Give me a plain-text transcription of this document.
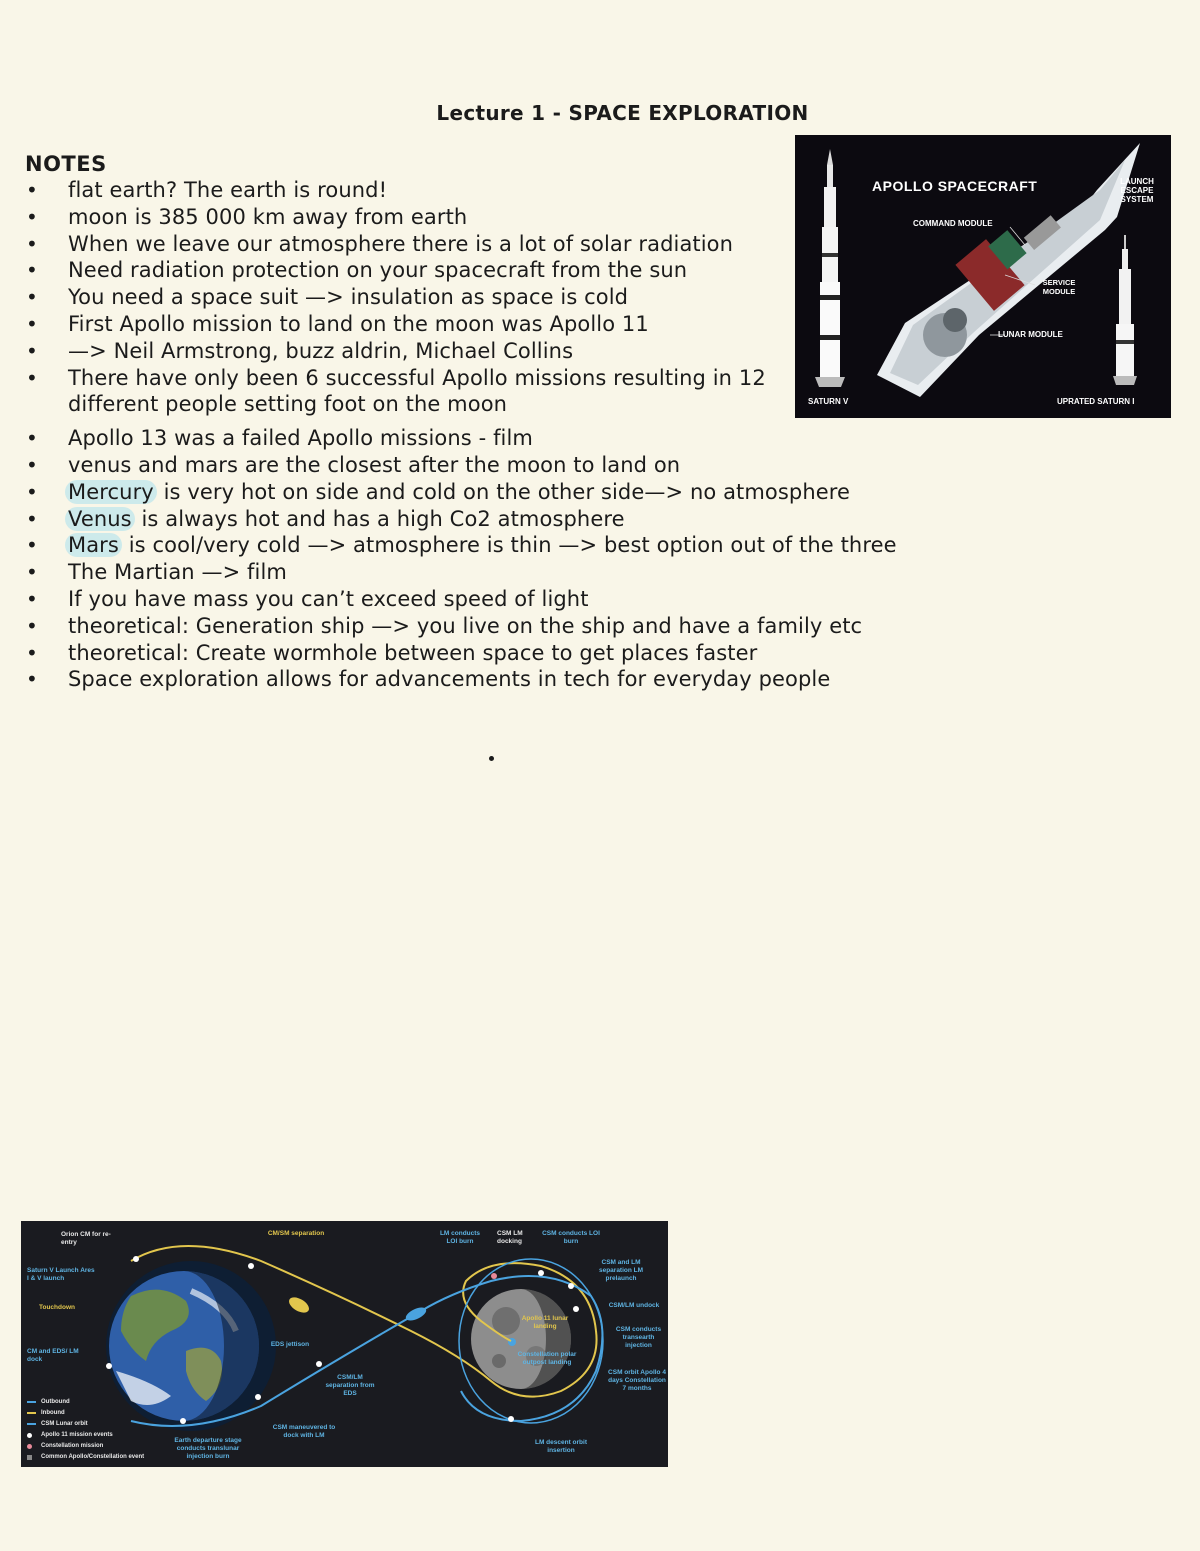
Lecture 1 - SPACE EXPLORATION
NOTES
• flat earth? The earth is round!
• moon is 385 000 km away from earth
• When we leave our atmosphere there is a lot of solar radiation
• Need radiation protection on your spacecraft from the sun
• You need a space suit —> insulation as space is cold
• First Apollo mission to land on the moon was Apollo 11
• —> Neil Armstrong, buzz aldrin, Michael Collins
• There have only been 6 successful Apollo missions resulting in 12 different people setting foot on the moon
• Apollo 13 was a failed Apollo missions - film
• venus and mars are the closest after the moon to land on
• Mercury is very hot on side and cold on the other side—> no atmosphere
• Venus is always hot and has a high Co2 atmosphere
• Mars is cool/very cold —> atmosphere is thin —> best option out of the three
• The Martian —> film
• If you have mass you can’t exceed speed of light
• theoretical: Generation ship —> you live on the ship and have a family etc
• theoretical: Create wormhole between space to get places faster
• Space exploration allows for advancements in tech for everyday people
APOLLO SPACECRAFT	LAUNCH ESCAPE SYSTEM
COMMAND MODULE
SERVICE MODULE
LUNAR MODULE
SATURN V	UPRATED SATURN I
Orion CM for re-entry
CM/SM separation	LM conducts LOI burn
CSM LM docking
CSM conducts LOI burn
CSM and LM separation LM prelaunch
Saturn V Launch Ares I & V launch
Touchdown	CSM/LM undock
Apollo 11 lunar landing	CSM conducts transearth injection
CM and EDS/ LM dock
EDS jettison
CSM/LM separation from EDS
Constellation polar outpost landing
CSM orbit Apollo 4 days Constellation 7 months
CSM maneuvered to dock with LM
Earth departure stage conducts translunar injection burn
LM descent orbit insertion
Outbound
Inbound
CSM Lunar orbit
Apollo 11 mission events
Constellation mission
Common Apollo/Constellation event
